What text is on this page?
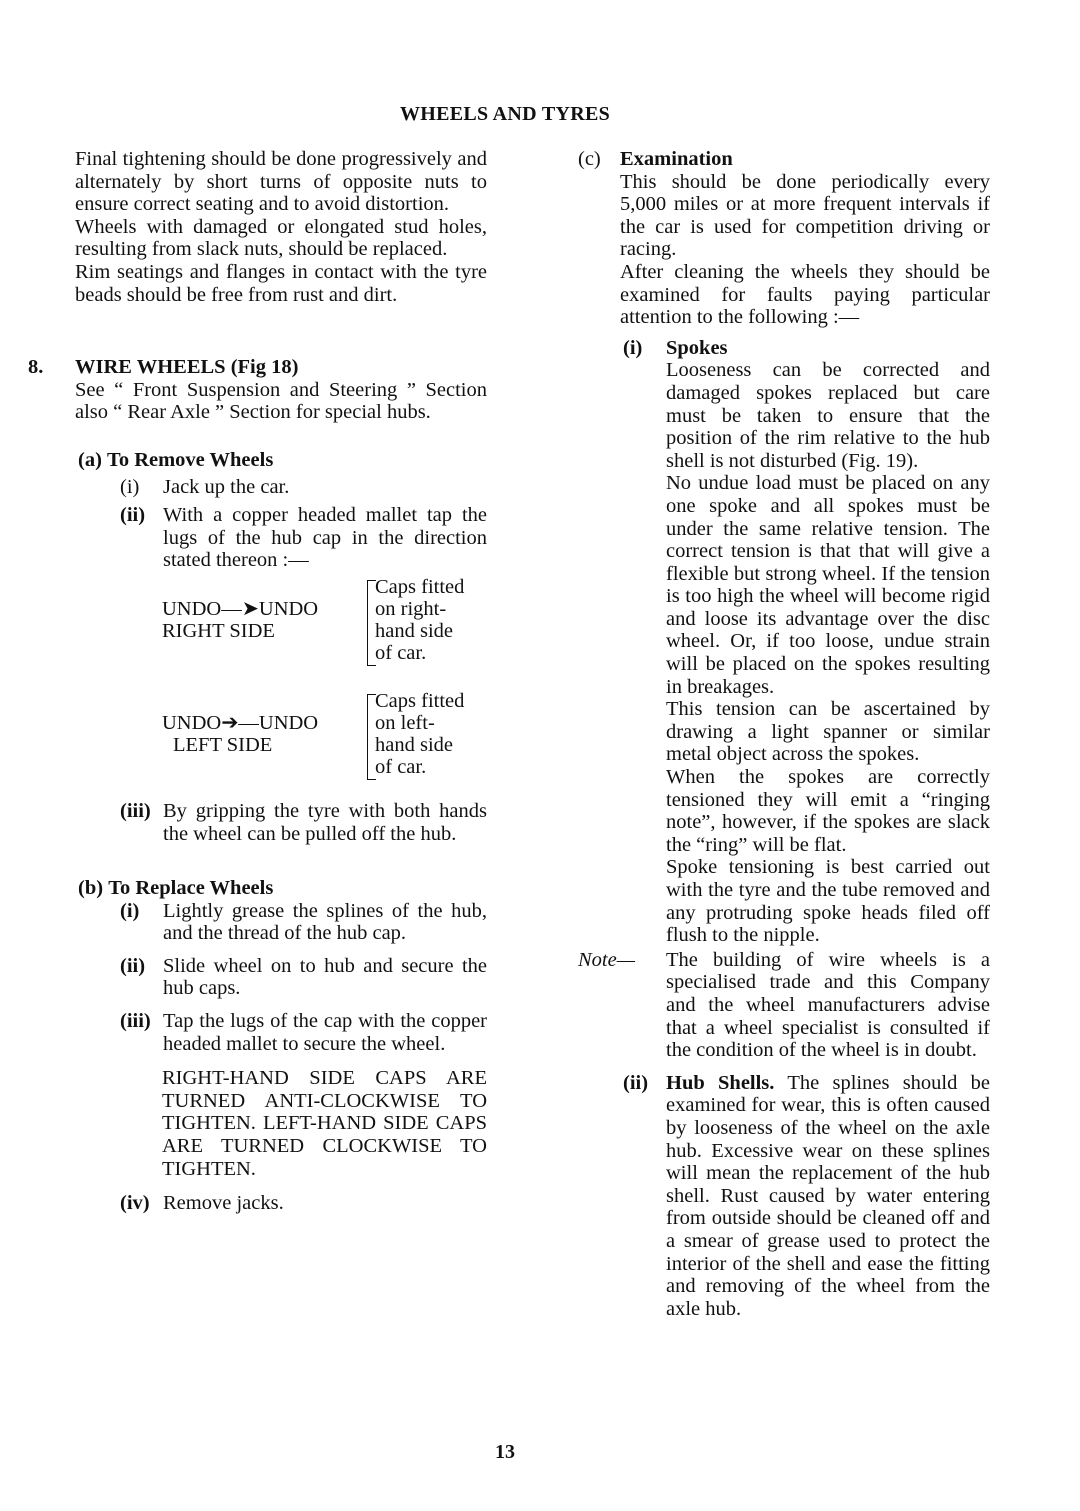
WHEELS AND TYRES

Final tightening should be done progressively and alternately by short turns of opposite nuts to ensure correct seating and to avoid distortion.

Wheels with damaged or elongated stud holes, resulting from slack nuts, should be replaced.

Rim seatings and flanges in contact with the tyre beads should be free from rust and dirt.

8. WIRE WHEELS (Fig 18)

See “ Front Suspension and Steering ” Section also “ Rear Axle ” Section for special hubs.

(a) To Remove Wheels
(i) Jack up the car.
(ii) With a copper headed mallet tap the lugs of the hub cap in the direction stated thereon :—
UNDO—➤UNDO
RIGHT SIDE
Caps fitted
on right-
hand side
of car.
UNDO➔—UNDO
LEFT SIDE
Caps fitted
on left-
hand side
of car.
(iii) By gripping the tyre with both hands the wheel can be pulled off the hub.
(b) To Replace Wheels
(i) Lightly grease the splines of the hub, and the thread of the hub cap.
(ii) Slide wheel on to hub and secure the hub caps.
(iii) Tap the lugs of the cap with the copper headed mallet to secure the wheel.
RIGHT-HAND SIDE CAPS ARE TURNED ANTI-CLOCKWISE TO TIGHTEN. LEFT-HAND SIDE CAPS ARE TURNED CLOCKWISE TO TIGHTEN.
(iv) Remove jacks.
(c) Examination

This should be done periodically every 5,000 miles or at more frequent intervals if the car is used for competition driving or racing.

After cleaning the wheels they should be examined for faults paying particular attention to the following :—

(i) Spokes

Looseness can be corrected and damaged spokes replaced but care must be taken to ensure that the position of the rim relative to the hub shell is not disturbed (Fig. 19).

No undue load must be placed on any one spoke and all spokes must be under the same relative tension. The correct tension is that that will give a flexible but strong wheel. If the tension is too high the wheel will become rigid and loose its advantage over the disc wheel. Or, if too loose, undue strain will be placed on the spokes resulting in breakages.

This tension can be ascertained by drawing a light spanner or similar metal object across the spokes.

When the spokes are correctly tensioned they will emit a “ringing note”, however, if the spokes are slack the “ring” will be flat.

Spoke tensioning is best carried out with the tyre and the tube removed and any protruding spoke heads filed off flush to the nipple.

Note— The building of wire wheels is a specialised trade and this Company and the wheel manufacturers advise that a wheel specialist is consulted if the condition of the wheel is in doubt.
(ii) Hub Shells. The splines should be examined for wear, this is often caused by looseness of the wheel on the axle hub. Excessive wear on these splines will mean the replacement of the hub shell. Rust caused by water entering from outside should be cleaned off and a smear of grease used to protect the interior of the shell and ease the fitting and removing of the wheel from the axle hub.
13
